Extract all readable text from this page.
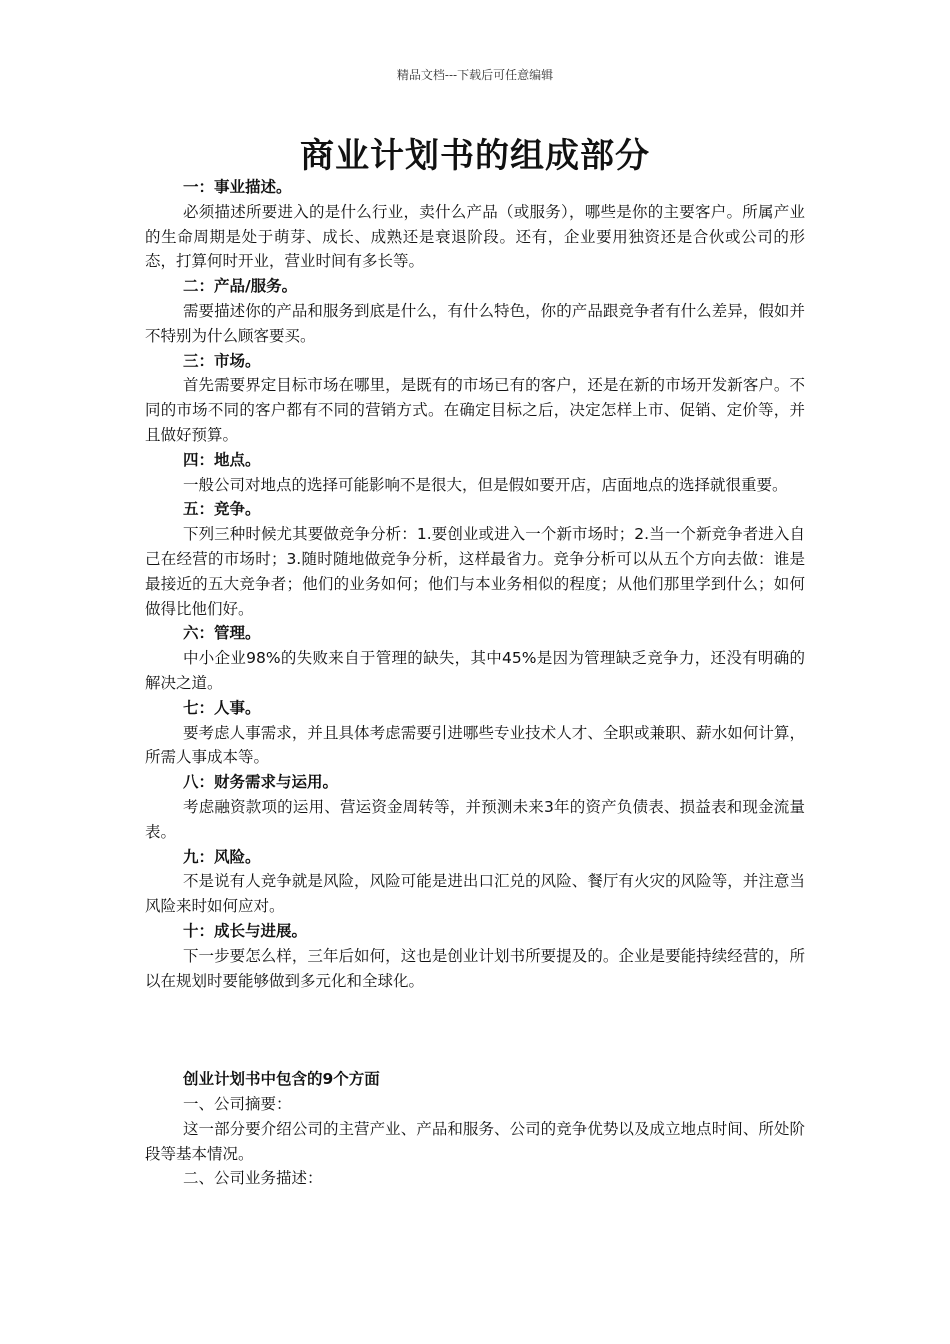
精品文档---下载后可任意编辑
商业计划书的组成部分

一：事业描述。

必须描述所要进入的是什么行业，卖什么产品（或服务），哪些是你的主要客户。所属产业的生命周期是处于萌芽、成长、成熟还是衰退阶段。还有，企业要用独资还是合伙或公司的形态，打算何时开业，营业时间有多长等。

二：产品/服务。

需要描述你的产品和服务到底是什么，有什么特色，你的产品跟竞争者有什么差异，假如并不特别为什么顾客要买。

三：市场。

首先需要界定目标市场在哪里，是既有的市场已有的客户，还是在新的市场开发新客户。不同的市场不同的客户都有不同的营销方式。在确定目标之后，决定怎样上市、促销、定价等，并且做好预算。

四：地点。

一般公司对地点的选择可能影响不是很大，但是假如要开店，店面地点的选择就很重要。

五：竞争。

下列三种时候尤其要做竞争分析：1.要创业或进入一个新市场时；2.当一个新竞争者进入自己在经营的市场时；3.随时随地做竞争分析，这样最省力。竞争分析可以从五个方向去做：谁是最接近的五大竞争者；他们的业务如何；他们与本业务相似的程度；从他们那里学到什么；如何做得比他们好。

六：管理。

中小企业98%的失败来自于管理的缺失，其中45%是因为管理缺乏竞争力，还没有明确的解决之道。

七：人事。

要考虑人事需求，并且具体考虑需要引进哪些专业技术人才、全职或兼职、薪水如何计算，所需人事成本等。

八：财务需求与运用。

考虑融资款项的运用、营运资金周转等，并预测未来3年的资产负债表、损益表和现金流量表。

九：风险。

不是说有人竞争就是风险，风险可能是进出口汇兑的风险、餐厅有火灾的风险等，并注意当风险来时如何应对。

十：成长与进展。

下一步要怎么样，三年后如何，这也是创业计划书所要提及的。企业是要能持续经营的，所以在规划时要能够做到多元化和全球化。

创业计划书中包含的9个方面

一、公司摘要：

这一部分要介绍公司的主营产业、产品和服务、公司的竞争优势以及成立地点时间、所处阶段等基本情况。

二、公司业务描述：
